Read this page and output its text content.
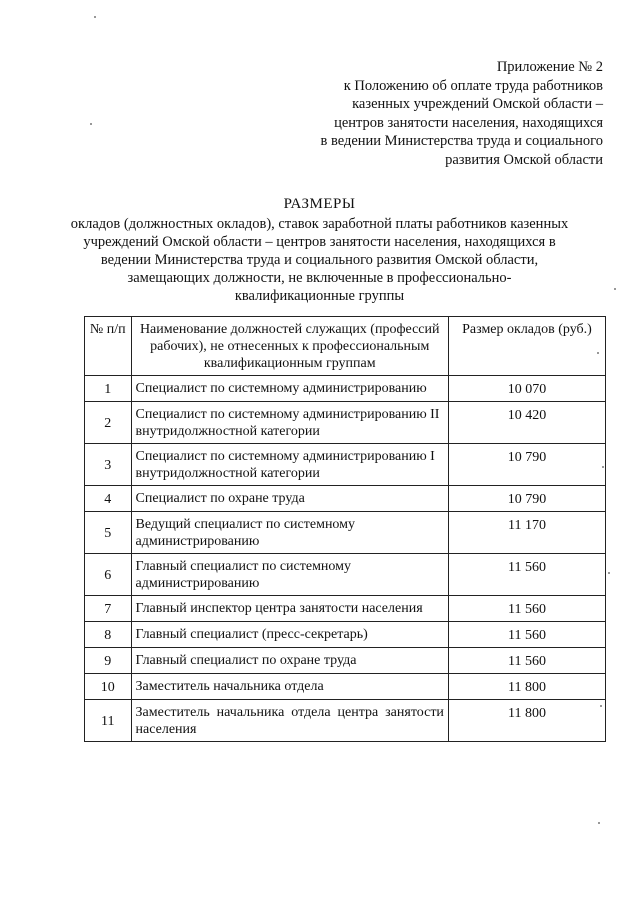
Приложение № 2
к Положению об оплате труда работников
казенных учреждений Омской области –
центров занятости населения, находящихся
в ведении Министерства труда и социального
развития Омской области
РАЗМЕРЫ
окладов (должностных окладов), ставок заработной платы работников казенных
учреждений Омской области – центров занятости населения, находящихся в
ведении Министерства труда и социального развития Омской области,
замещающих должности, не включенные в профессионально-
квалификационные группы
№ п/п	Наименование должностей служащих (профессий рабочих), не отнесенных к профессиональным квалификационным группам	Размер окладов (руб.)
1	Специалист по системному администрированию	10 070
2	Специалист по системному администрированию II внутридолжностной категории	10 420
3	Специалист по системному администрированию I внутридолжностной категории	10 790
4	Специалист по охране труда	10 790
5	Ведущий специалист по системному администрированию	11 170
6	Главный специалист по системному администрированию	11 560
7	Главный инспектор центра занятости населения	11 560
8	Главный специалист (пресс-секретарь)	11 560
9	Главный специалист по охране труда	11 560
10	Заместитель начальника отдела	11 800
11	Заместитель начальника отдела центра занятости населения	11 800
